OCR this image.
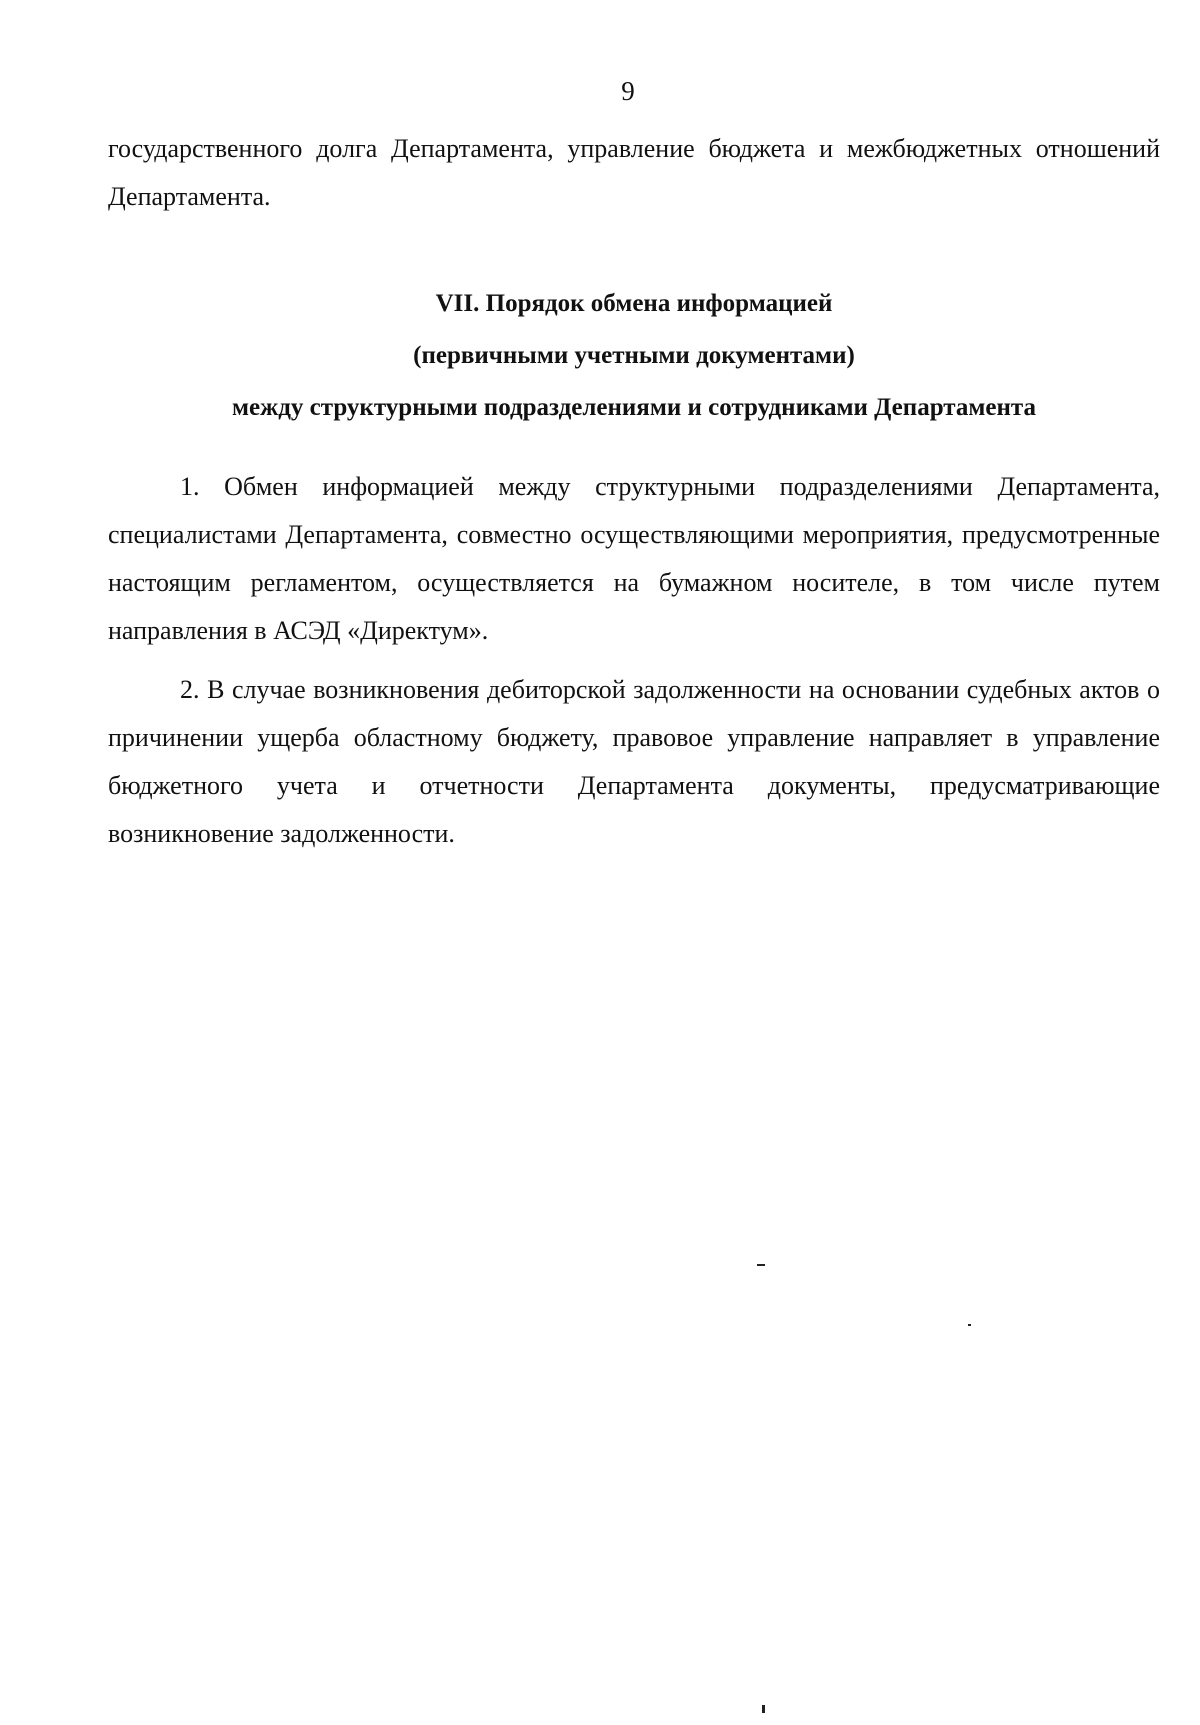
9
государственного долга Департамента, управление бюджета и межбюджетных отношений Департамента.
VII. Порядок обмена информацией
(первичными учетными документами)
между структурными подразделениями и сотрудниками Департамента
1. Обмен информацией между структурными подразделениями Департамента, специалистами Департамента, совместно осуществляющими мероприятия, предусмотренные настоящим регламентом, осуществляется на бумажном носителе, в том числе путем направления в АСЭД «Директум».
2. В случае возникновения дебиторской задолженности на основании судебных актов о причинении ущерба областному бюджету, правовое управление направляет в управление бюджетного учета и отчетности Департамента документы, предусматривающие возникновение задолженности.
